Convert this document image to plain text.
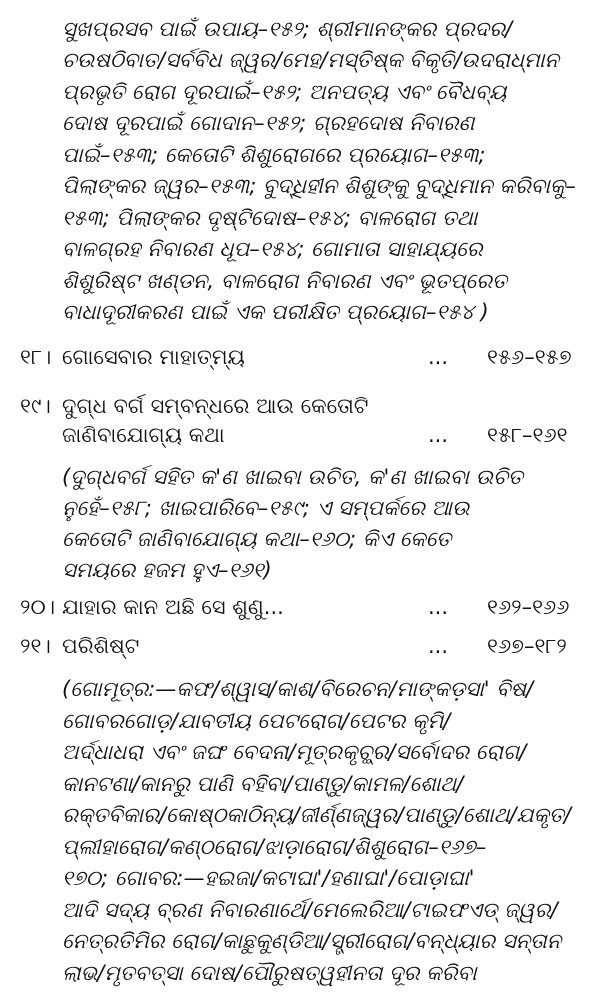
ସୁଖପ୍ରସବ ପାଇଁ ଉପାୟ–୧୫୨; ଶ୍ରୀମାନଙ୍କର ପ୍ରଦର/
ଚଉଷଠିବାତ/ସର୍ବବିଧ ଜ୍ୱର/ମେହ/ମସ୍ତିଷ୍କ ବିକୃତି/ଉଦରାଧ୍ମାନ
ପ୍ରଭୃତି ରୋଗ ଦୂରପାଇଁ–୧୫୨; ଅନପତ୍ୟ ଏବଂ ବୈଧବ୍ୟ
ଦୋଷ ଦୂରପାଇଁ ଗୋଦାନ–୧୫୨; ଗ୍ରହଦୋଷ ନିବାରଣ
ପାଇଁ–୧୫୩; କେତୋଟି ଶିଶୁରୋଗରେ ପ୍ରୟୋଗ–୧୫୩;
ପିଲାଙ୍କର ଜ୍ୱର–୧୫୩; ବୁଦ୍ଧିହୀନ ଶିଶୁଙ୍କୁ ବୁଦ୍ଧିମାନ କରିବାକୁ–
୧୫୩; ପିଲାଙ୍କର ଦୃଷ୍ଟିଦୋଷ–୧୫୪; ବାଳରୋଗ ତଥା
ବାଳଗ୍ରହ ନିବାରଣ ଧୂପ–୧୫୪; ଗୋମାତା ସାହାଯ୍ୟରେ
ଶିଶୁରିଷ୍ଟ ଖଣ୍ଡନ, ବାଳରୋଗ ନିବାରଣ ଏବଂ ଭୂତପ୍ରେତ
ବାଧାଦୂରୀକରଣ ପାଇଁ ଏକ ପରୀକ୍ଷିତ ପ୍ରୟୋଗ–୧୫୪ )
୧୮। ଗୋସେବାର ମାହାତ୍ମ୍ୟ	... ୧୫୬–୧୫୭
୧୯। ଦୁଗ୍ଧ ବର୍ଗ ସମ୍ବନ୍ଧରେ ଆଉ କେତୋଟି
ଜାଣିବାଯୋଗ୍ୟ କଥା	... ୧୫୮–୧୬୧
(ଦୁଗ୍ଧବର୍ଗ ସହିତ କ'ଣ ଖାଇବା ଉଚିତ, କ'ଣ ଖାଇବା ଉଚିତ
ନୁହେଁ–୧୫୮; ଖାଇପାରିବେ–୧୫୯; ଏ ସମ୍ପର୍କରେ ଆଉ
କେତୋଟି ଜାଣିବାଯୋଗ୍ୟ କଥା–୧୬୦; କିଏ କେତେ
ସମୟରେ ହଜମ ହୁଏ–୧୬୧)
୨୦। ଯାହାର କାନ ଅଛି ସେ ଶୁଣୁ...	... ୧୬୨–୧୬୬
୨୧। ପରିଶିଷ୍ଟ	... ୧୬୭–୧୮୨
(ଗୋମୂତ୍ର:—କଫ/ଶ୍ୱାସ/କାଶ/ବିରେଚନ/ମାଙ୍କଡ଼ସା' ବିଷ/
ଗୋବରଗୋଡ଼/ଯାବତୀୟ ପେଟରୋଗ/ପେଟର କୃମି/
ଅର୍ଦ୍ଧାଧରା ଏବଂ ଜଙ୍ଘ ବେଦନା/ମୂତ୍ରକୃଚ୍ଛ୍ର/ସର୍ବୋଦର ରୋଗ/
କାନଟଣା/କାନରୁ ପାଣି ବହିବା/ପାଣ୍ଡୁ/କାମଳ/ଶୋଥ/
ରକ୍ତବିକାର/କୋଷ୍ଠକାଠିନ୍ୟ/ଜୀର୍ଣ୍ଣଜ୍ୱର/ପାଣ୍ଡୁ/ଶୋଥ/ଯକୃତ/
ପ୍ଲୀହାରୋଗ/କଣ୍ଠରୋଗ/ଝାଡ଼ାରୋଗ/ଶିଶୁରୋଗ–୧୬୭–
୧୭୦; ଗୋବର:—ହଇଜା/କଟାଘା'/ହଣାଘା'/ପୋଡ଼ାଘା'
ଆଦି ସଦ୍ୟ ବ୍ରଣ ନିବାରଣାର୍ଥେ/ମେଲେରିଆ/ଟାଇଫଏଡ୍ ଜ୍ୱର/
ନେତ୍ରତିମିର ରୋଗ/କାଛୁକୁଣ୍ଡିଆ/ସ୍ତ୍ରୀରୋଗ/ବନ୍ଧ୍ୟାର ସନ୍ତାନ
ଲାଭ/ମୃତବତ୍ସା ଦୋଷ/ପୌରୁଷତ୍ୱହୀନତା ଦୂର କରିବା
